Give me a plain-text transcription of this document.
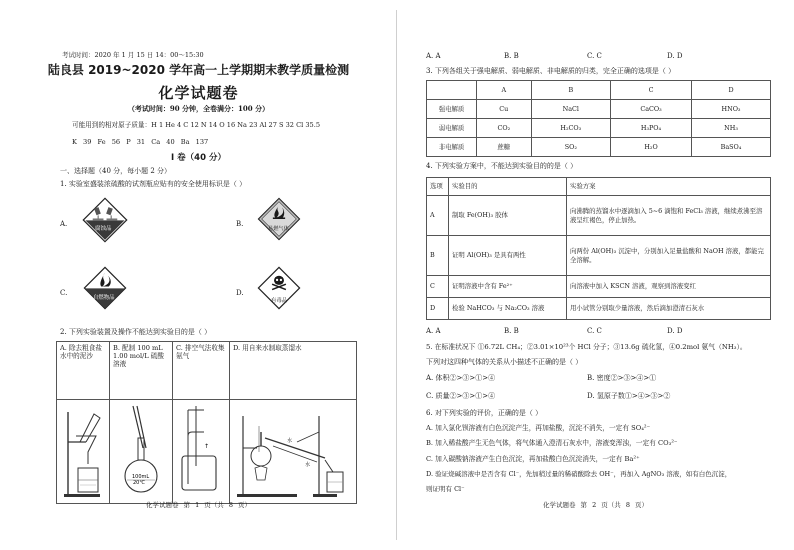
考试时间：2020 年 1 月 15 日 14：00～15:30
陆良县 2019~2020 学年高一上学期期末教学质量检测
化学试题卷
（考试时间：90 分钟，全卷满分：100 分）
可能用到的相对原子质量：H 1 He 4 C 12 N 14 O 16 Na 23 Al 27 S 32 Cl 35.5
K 39 Fe 56 P 31 Ca 40 Ba 137
I 卷（40 分）
一、选择题（40 分，每小题 2 分）
1. 实验室盛装浓硫酸的试剂瓶应贴有的安全使用标识是（ ）
A.	B.
C.	D.
腐蚀品	易燃气体
自燃物品	有毒品
2. 下列实验装置及操作不能达到实验目的是（ ）
A. 除去粗食盐水中的泥沙	B. 配制 100 mL 1.00 mol/L 硫酸溶液	C. 排空气法收集氨气	D. 用自来水制取蒸馏水

100mL
20℃	↑	水
水
化学试题卷 第 1 页（共 8 页）
A. A	B. B	C. C	D. D
3. 下列各组关于强电解质、弱电解质、非电解质的归类，完全正确的选项是（ ）
	A	B	C	D
强电解质	Cu	NaCl	CaCO₃	HNO₃
弱电解质	CO₂	H₂CO₃	H₃PO₄	NH₃
非电解质	蔗糖	SO₂	H₂O	BaSO₄
4. 下列实验方案中，不能达到实验目的的是（ ）
选项	实验目的	实验方案
A	制取 Fe(OH)₃ 胶体	向沸腾的蒸馏水中逐滴加入 5~6 滴饱和 FeCl₃ 溶液，继续煮沸至溶液呈红褐色，停止加热。
B	证明 Al(OH)₃ 是具有两性	向两份 Al(OH)₃ 沉淀中，分别加入足量盐酸和 NaOH 溶液，都能完全溶解。
C	证明溶液中含有 Fe²⁺	向溶液中加入 KSCN 溶液，观察到溶液变红
D	检验 NaHCO₃ 与 Na₂CO₃ 溶液	用小试管分别取少量溶液，然后滴加澄清石灰水
A. A	B. B	C. C	D. D
5. 在标准状况下 ①6.72L CH₄；②3.01×10²³个 HCl 分子；③13.6g 硫化氢，④0.2mol 氨气（NH₃）。
下列对这四种气体的关系从小描述不正确的是（ ）
A. 体积②>③>①>④	B. 密度②>③>④>①
C. 质量②>③>①>④	D. 氢原子数①>④>③>②
6. 对下列实验的评价，正确的是（ ）
A. 加入氯化钡溶液有白色沉淀产生，再加盐酸，沉淀不消失，一定有 SO₄²⁻
B. 加入稀盐酸产生无色气体，将气体通入澄清石灰水中，溶液变浑浊，一定有 CO₃²⁻
C. 加入碳酸钠溶液产生白色沉淀，再加盐酸白色沉淀消失，一定有 Ba²⁺
D. 验证烧碱溶液中是否含有 Cl⁻，先加稍过量的稀硝酸除去 OH⁻，再加入 AgNO₃ 溶液，如有白色沉淀，
则证明有 Cl⁻
化学试题卷 第 2 页（共 8 页）
